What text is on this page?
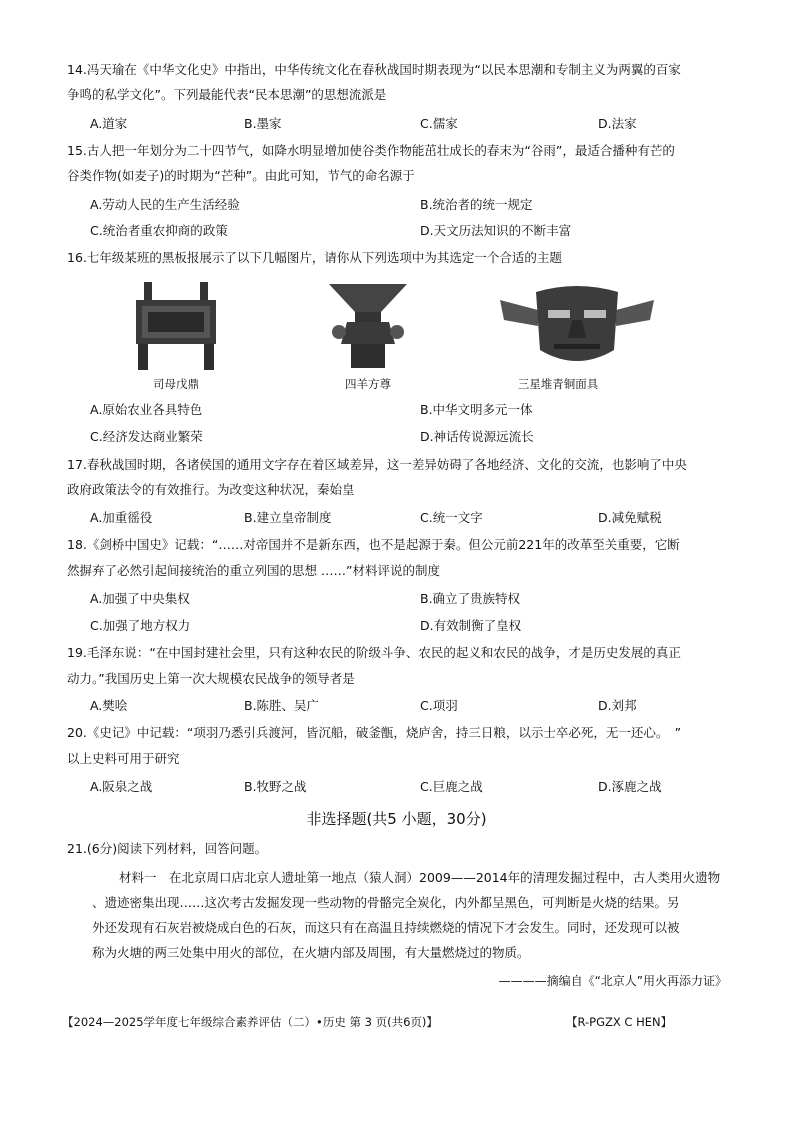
14.冯天瑜在《中华文化史》中指出，中华传统文化在春秋战国时期表现为“以民本思潮和专制主义为两翼的百家
争鸣的私学文化”。下列最能代表“民本思潮”的思想流派是
A.道家	B.墨家	C.儒家	D.法家
15.古人把一年划分为二十四节气，如降水明显增加使谷类作物能茁壮成长的春末为“谷雨”，最适合播种有芒的
谷类作物(如麦子)的时期为“芒种”。由此可知，节气的命名源于
A.劳动人民的生产生活经验	B.统治者的统一规定
C.统治者重农抑商的政策	D.天文历法知识的不断丰富
16.七年级某班的黑板报展示了以下几幅图片，请你从下列选项中为其选定一个合适的主题
司母戊鼎	四羊方尊	三星堆青铜面具
A.原始农业各具特色	B.中华文明多元一体
C.经济发达商业繁荣	D.神话传说源远流长
17.春秋战国时期，各诸侯国的通用文字存在着区域差异，这一差异妨碍了各地经济、文化的交流，也影响了中央
政府政策法令的有效推行。为改变这种状况，秦始皇
A.加重徭役	B.建立皇帝制度	C.统一文字	D.减免赋税
18.《剑桥中国史》记载：“……对帝国并不是新东西，也不是起源于秦。但公元前221年的改革至关重要，它断
然摒弃了必然引起间接统治的重立列国的思想 ……”材料评说的制度
A.加强了中央集权	B.确立了贵族特权
C.加强了地方权力	D.有效制衡了皇权
19.毛泽东说：“在中国封建社会里，只有这种农民的阶级斗争、农民的起义和农民的战争，才是历史发展的真正
动力。”我国历史上第一次大规模农民战争的领导者是
A.樊哙	B.陈胜、吴广	C.项羽	D.刘邦
20.《史记》中记载：“项羽乃悉引兵渡河，皆沉船，破釜甑，烧庐舍，持三日粮，以示士卒必死，无一还心。　”
以上史料可用于研究
A.阪泉之战	B.牧野之战	C.巨鹿之战	D.涿鹿之战
非选择题(共5 小题，30分)
21.(6分)阅读下列材料，回答问题。
材料一　在北京周口店北京人遗址第一地点（猿人洞）2009——2014年的清理发掘过程中，古人类用火遗物
、遗迹密集出现……这次考古发掘发现一些动物的骨骼完全炭化，内外都呈黑色，可判断是火烧的结果。另
外还发现有石灰岩被烧成白色的石灰，而这只有在高温且持续燃烧的情况下才会发生。同时，还发现可以被
称为火塘的两三处集中用火的部位，在火塘内部及周围，有大量燃烧过的物质。
————摘编自《“北京人”用火再添力证》
【2024—2025学年度七年级综合素养评估（二）•历史 第 3 页(共6页)】	【R-PGZX C HEN】
